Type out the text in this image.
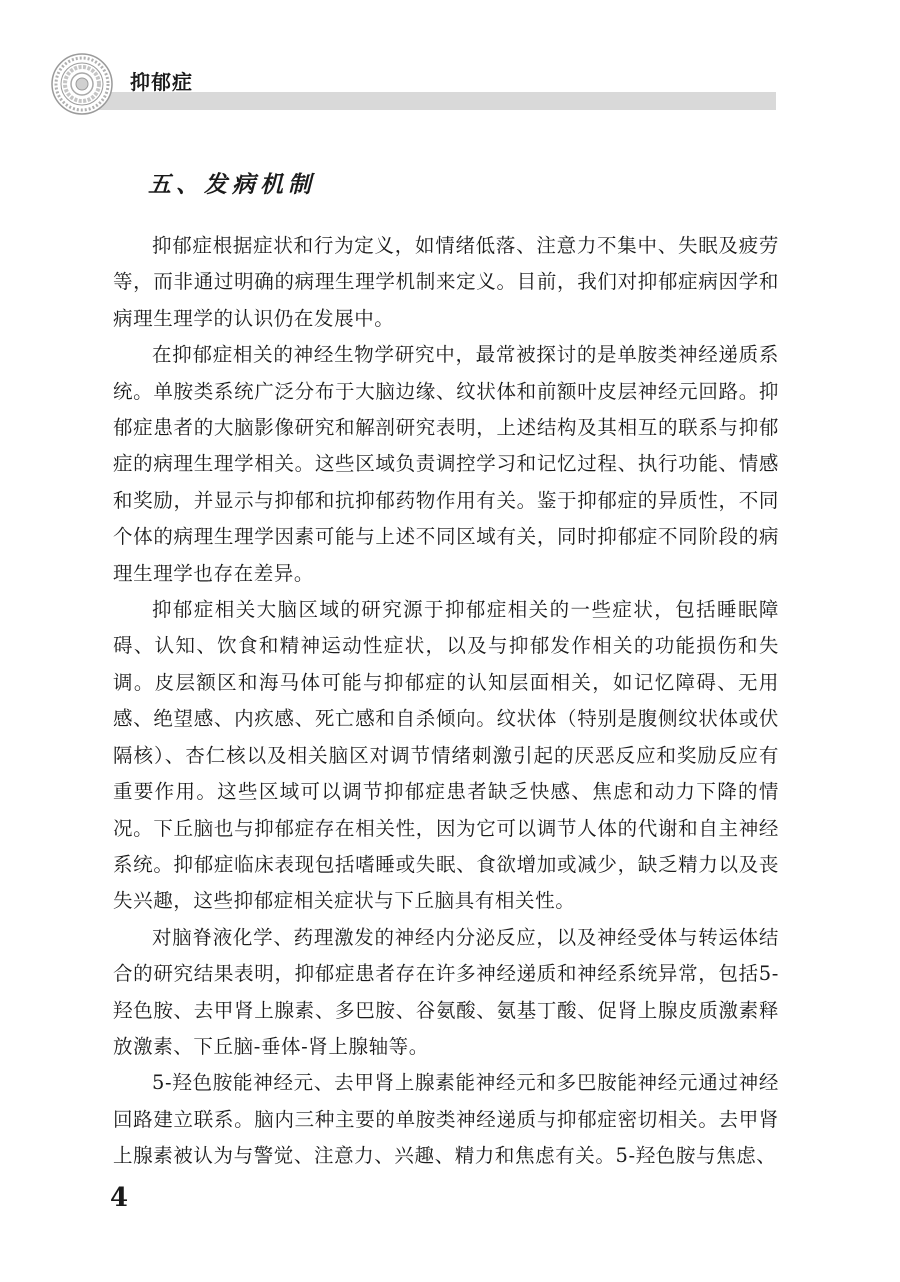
抑郁症
五、发病机制

抑郁症根据症状和行为定义，如情绪低落、注意力不集中、失眠及疲劳等，而非通过明确的病理生理学机制来定义。目前，我们对抑郁症病因学和病理生理学的认识仍在发展中。

在抑郁症相关的神经生物学研究中，最常被探讨的是单胺类神经递质系统。单胺类系统广泛分布于大脑边缘、纹状体和前额叶皮层神经元回路。抑郁症患者的大脑影像研究和解剖研究表明，上述结构及其相互的联系与抑郁症的病理生理学相关。这些区域负责调控学习和记忆过程、执行功能、情感和奖励，并显示与抑郁和抗抑郁药物作用有关。鉴于抑郁症的异质性，不同个体的病理生理学因素可能与上述不同区域有关，同时抑郁症不同阶段的病理生理学也存在差异。

抑郁症相关大脑区域的研究源于抑郁症相关的一些症状，包括睡眠障碍、认知、饮食和精神运动性症状，以及与抑郁发作相关的功能损伤和失调。皮层额区和海马体可能与抑郁症的认知层面相关，如记忆障碍、无用感、绝望感、内疚感、死亡感和自杀倾向。纹状体（特别是腹侧纹状体或伏隔核）、杏仁核以及相关脑区对调节情绪刺激引起的厌恶反应和奖励反应有重要作用。这些区域可以调节抑郁症患者缺乏快感、焦虑和动力下降的情况。下丘脑也与抑郁症存在相关性，因为它可以调节人体的代谢和自主神经系统。抑郁症临床表现包括嗜睡或失眠、食欲增加或减少，缺乏精力以及丧失兴趣，这些抑郁症相关症状与下丘脑具有相关性。

对脑脊液化学、药理激发的神经内分泌反应，以及神经受体与转运体结合的研究结果表明，抑郁症患者存在许多神经递质和神经系统异常，包括5-羟色胺、去甲肾上腺素、多巴胺、谷氨酸、氨基丁酸、促肾上腺皮质激素释放激素、下丘脑-垂体-肾上腺轴等。

5-羟色胺能神经元、去甲肾上腺素能神经元和多巴胺能神经元通过神经回路建立联系。脑内三种主要的单胺类神经递质与抑郁症密切相关。去甲肾上腺素被认为与警觉、注意力、兴趣、精力和焦虑有关。5-羟色胺与焦虑、

4
